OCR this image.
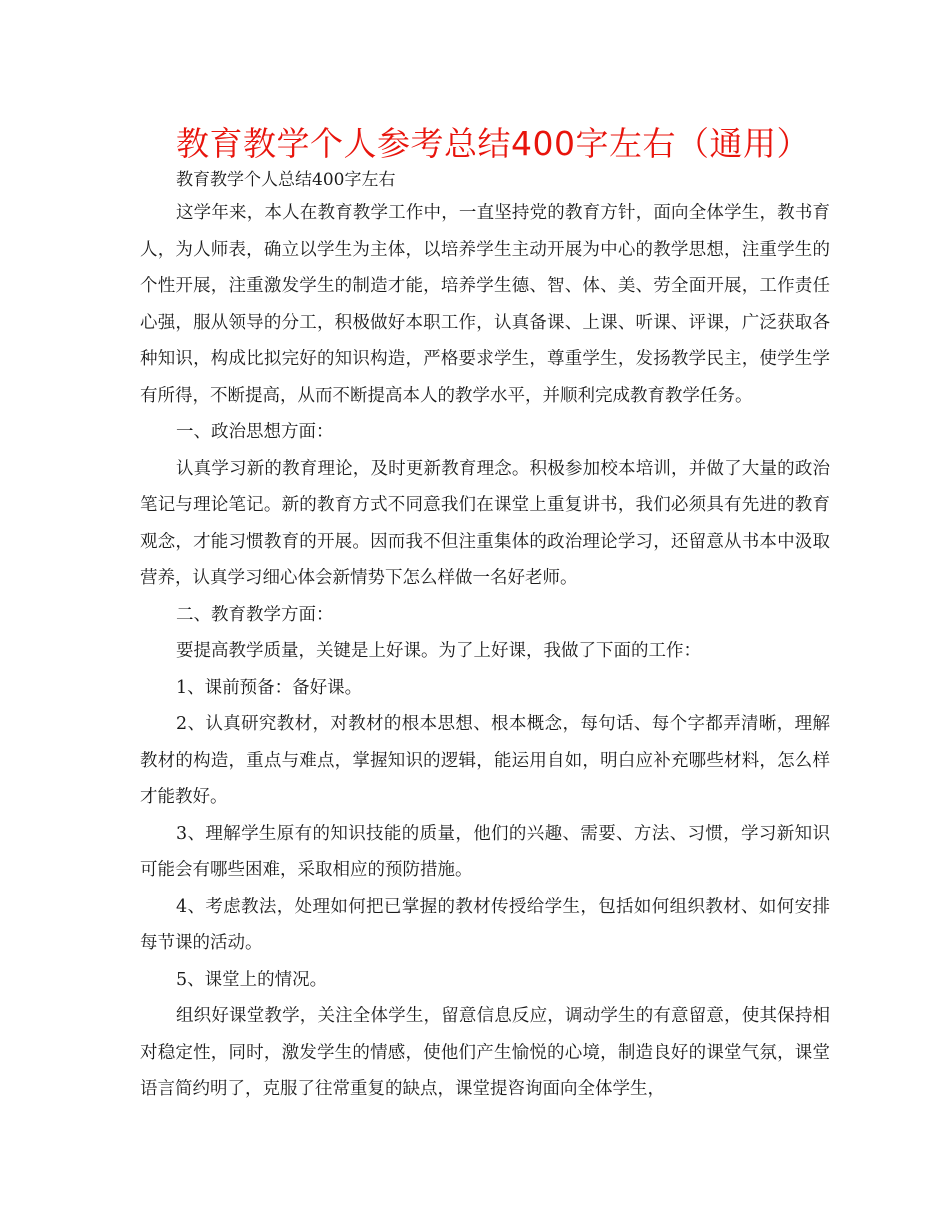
教育教学个人参考总结400字左右（通用）
教育教学个人总结400字左右

这学年来，本人在教育教学工作中，一直坚持党的教育方针，面向全体学生，教书育人，为人师表，确立以学生为主体，以培养学生主动开展为中心的教学思想，注重学生的个性开展，注重激发学生的制造才能，培养学生德、智、体、美、劳全面开展，工作责任心强，服从领导的分工，积极做好本职工作，认真备课、上课、听课、评课，广泛获取各种知识，构成比拟完好的知识构造，严格要求学生，尊重学生，发扬教学民主，使学生学有所得，不断提高，从而不断提高本人的教学水平，并顺利完成教育教学任务。

一、政治思想方面：

认真学习新的教育理论，及时更新教育理念。积极参加校本培训，并做了大量的政治笔记与理论笔记。新的教育方式不同意我们在课堂上重复讲书，我们必须具有先进的教育观念，才能习惯教育的开展。因而我不但注重集体的政治理论学习，还留意从书本中汲取营养，认真学习细心体会新情势下怎么样做一名好老师。

二、教育教学方面：

要提高教学质量，关键是上好课。为了上好课，我做了下面的工作：

1、课前预备：备好课。

2、认真研究教材，对教材的根本思想、根本概念，每句话、每个字都弄清晰，理解教材的构造，重点与难点，掌握知识的逻辑，能运用自如，明白应补充哪些材料，怎么样才能教好。

3、理解学生原有的知识技能的质量，他们的兴趣、需要、方法、习惯，学习新知识可能会有哪些困难，采取相应的预防措施。

4、考虑教法，处理如何把已掌握的教材传授给学生，包括如何组织教材、如何安排每节课的活动。

5、课堂上的情况。

组织好课堂教学，关注全体学生，留意信息反应，调动学生的有意留意，使其保持相对稳定性，同时，激发学生的情感，使他们产生愉悦的心境，制造良好的课堂气氛，课堂语言简约明了，克服了往常重复的缺点，课堂提咨询面向全体学生，
